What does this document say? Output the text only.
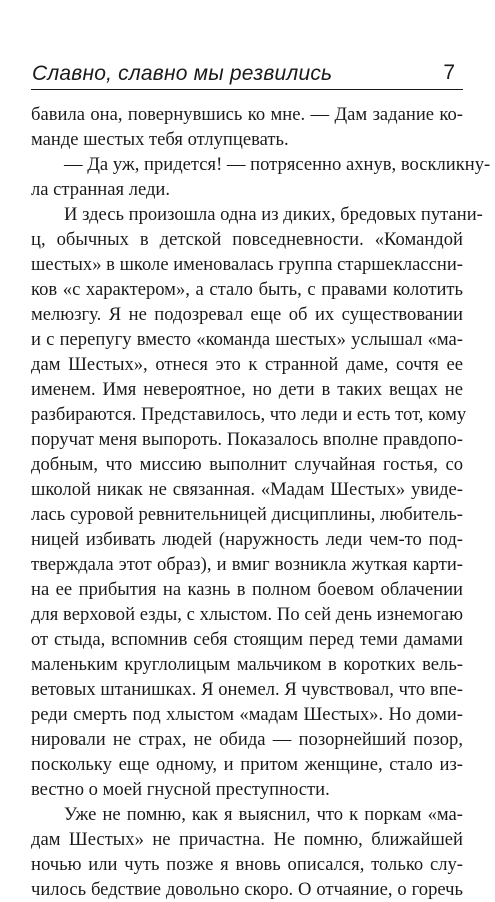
Славно, славно мы резвились	7
бавила она, повернувшись ко мне. — Дам задание ко-
манде шестых тебя отлупцевать.
— Да уж, придется! — потрясенно ахнув, воскликну-
ла странная леди.
И здесь произошла одна из диких, бредовых путани-
ц, обычных в детской повседневности. «Командой
шестых» в школе именовалась группа старшеклассни-
ков «с характером», а стало быть, с правами колотить
мелюзгу. Я не подозревал еще об их существовании
и с перепугу вместо «команда шестых» услышал «ма-
дам Шестых», отнеся это к странной даме, сочтя ее
именем. Имя невероятное, но дети в таких вещах не
разбираются. Представилось, что леди и есть тот, кому
поручат меня выпороть. Показалось вполне правдопо-
добным, что миссию выполнит случайная гостья, со
школой никак не связанная. «Мадам Шестых» увиде-
лась суровой ревнительницей дисциплины, любитель-
ницей избивать людей (наружность леди чем-то под-
тверждала этот образ), и вмиг возникла жуткая карти-
на ее прибытия на казнь в полном боевом облачении
для верховой езды, с хлыстом. По сей день изнемогаю
от стыда, вспомнив себя стоящим перед теми дамами
маленьким круглолицым мальчиком в коротких вель-
ветовых штанишках. Я онемел. Я чувствовал, что впе-
реди смерть под хлыстом «мадам Шестых». Но доми-
нировали не страх, не обида — позорнейший позор,
поскольку еще одному, и притом женщине, стало из-
вестно о моей гнусной преступности.
Уже не помню, как я выяснил, что к поркам «ма-
дам Шестых» не причастна. Не помню, ближайшей
ночью или чуть позже я вновь описался, только слу-
чилось бедствие довольно скоро. О отчаяние, о горечь
